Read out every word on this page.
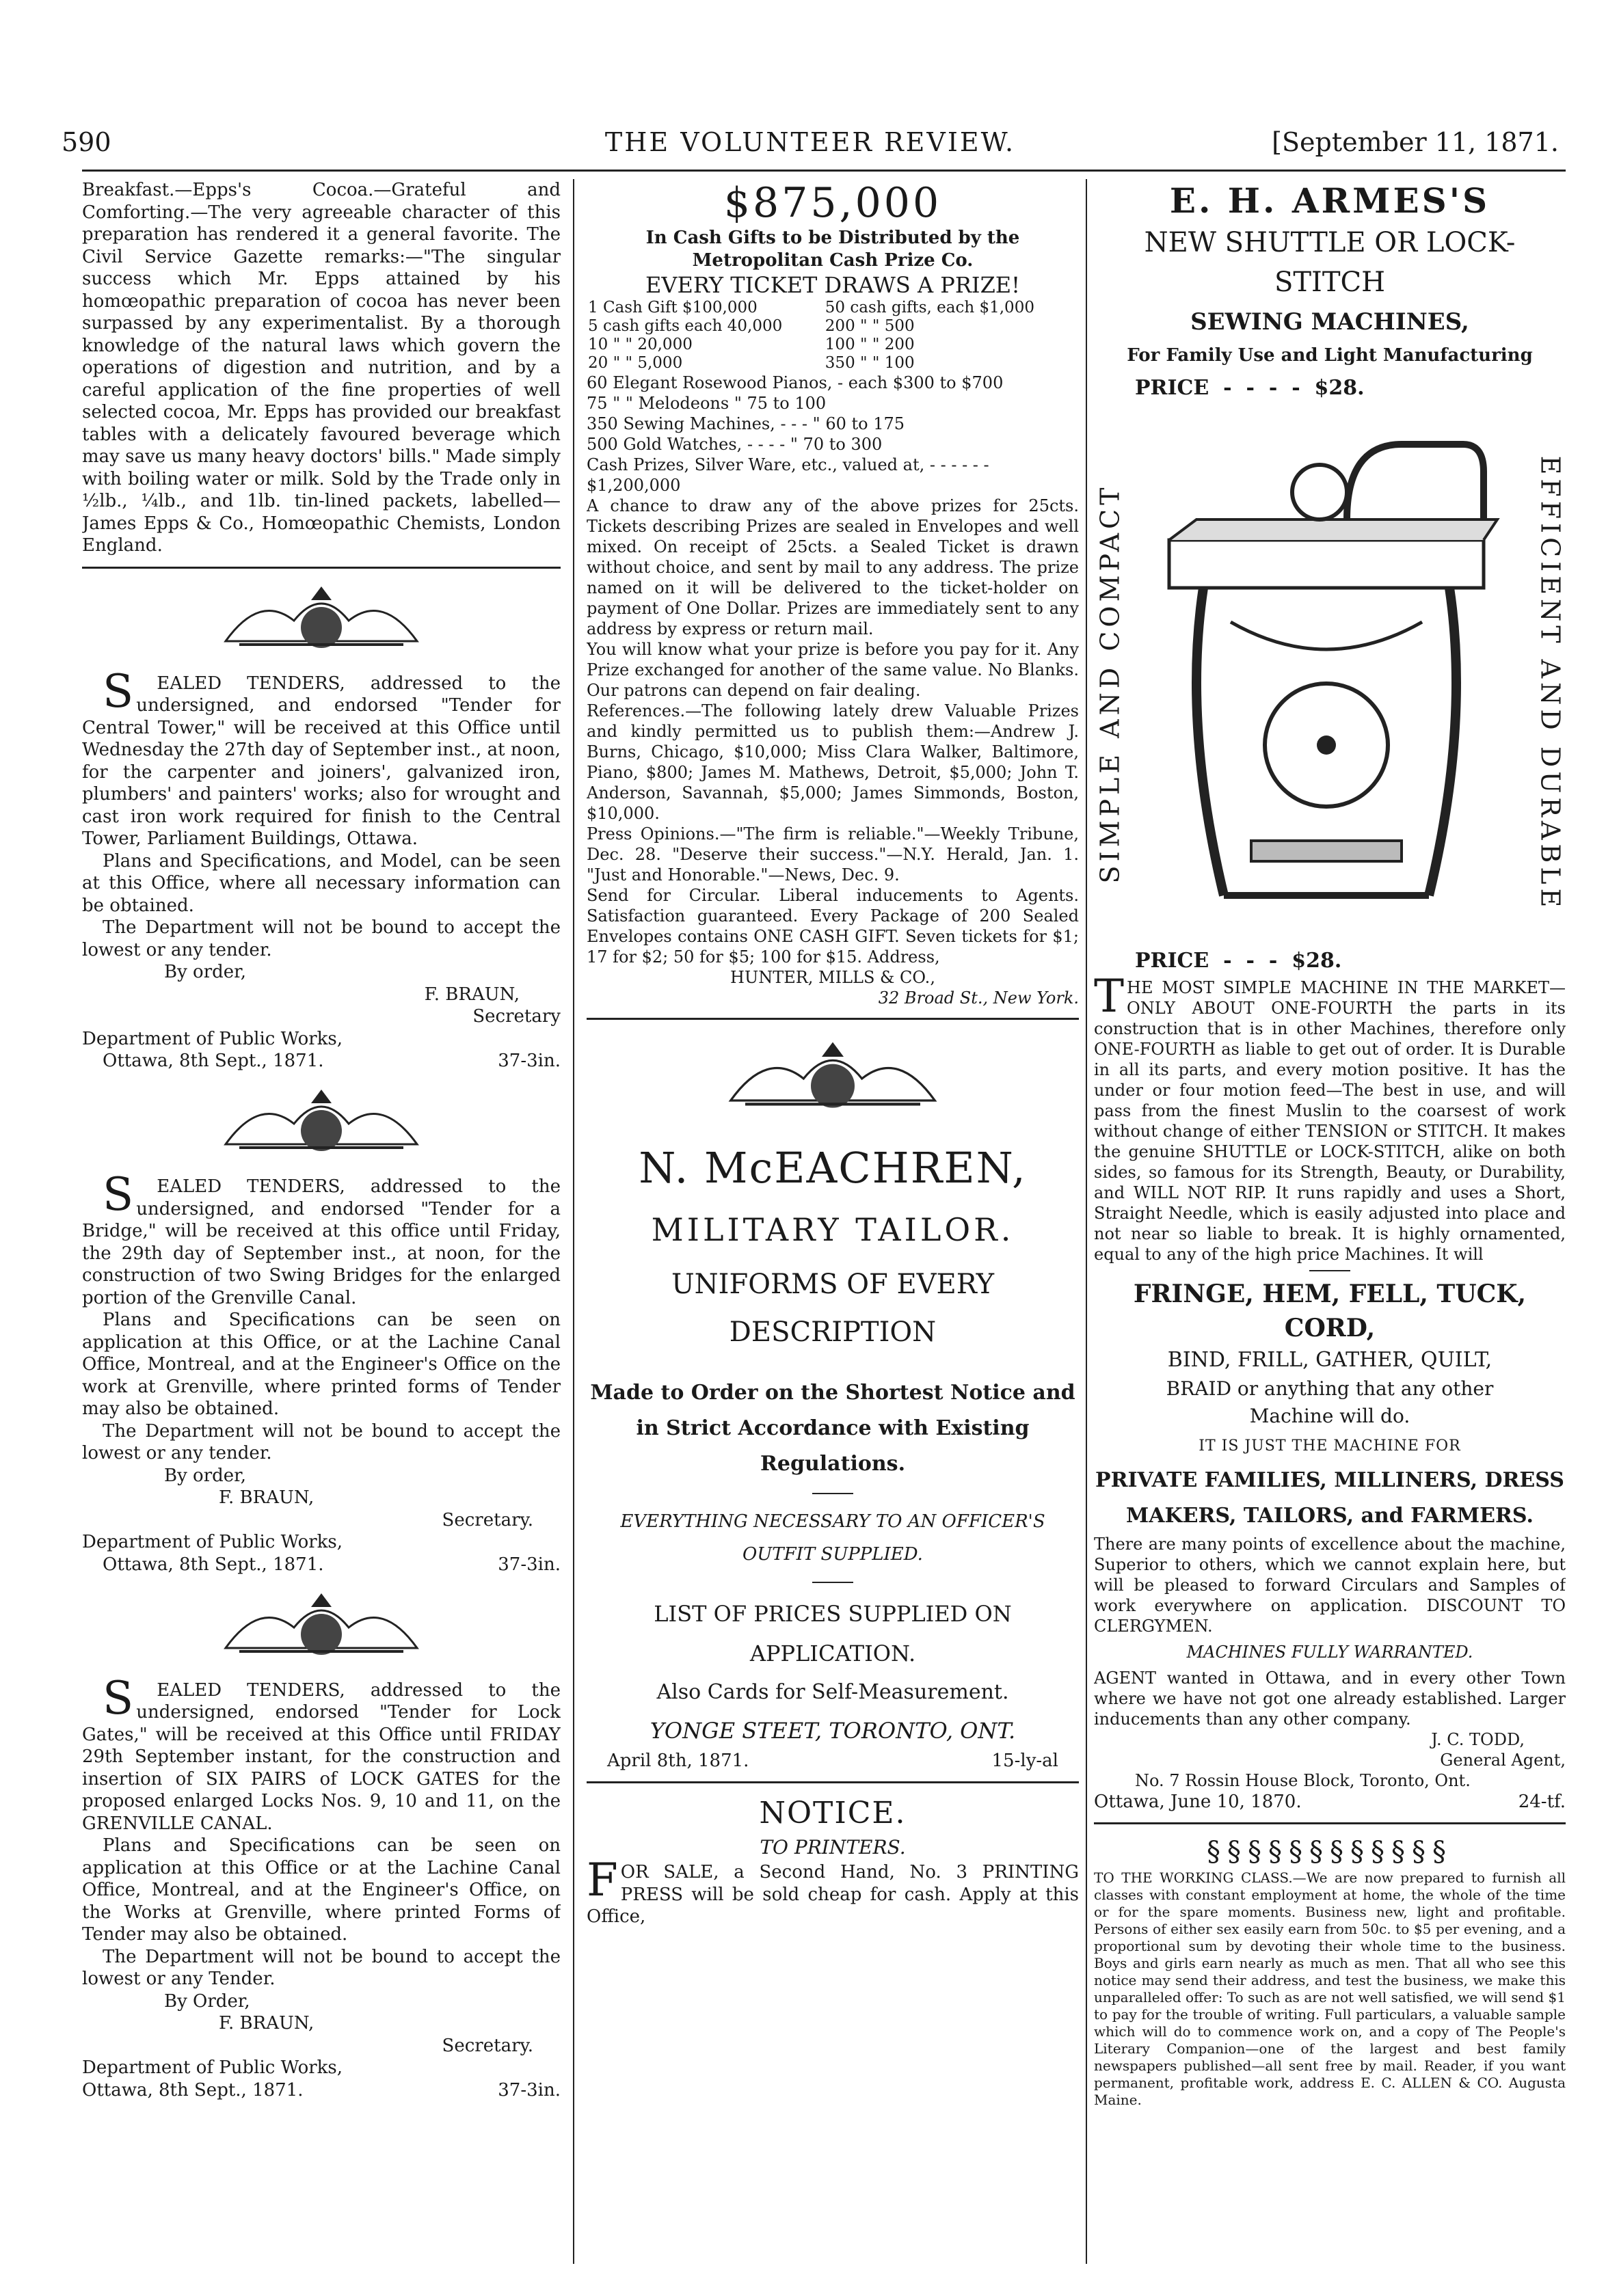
590	THE VOLUNTEER REVIEW.	[September 11, 1871.

Breakfast.—Epps's Cocoa.—Grateful and Comforting.—The very agreeable character of this preparation has rendered it a general favorite. The Civil Service Gazette remarks:—"The singular success which Mr. Epps attained by his homœopathic preparation of cocoa has never been surpassed by any experimentalist. By a thorough knowledge of the natural laws which govern the operations of digestion and nutrition, and by a careful application of the fine properties of well selected cocoa, Mr. Epps has provided our breakfast tables with a delicately favoured beverage which may save us many heavy doctors' bills." Made simply with boiling water or milk. Sold by the Trade only in ½lb., ¼lb., and 1lb. tin-lined packets, labelled—James Epps & Co., Homœopathic Chemists, London England.

SEALED TENDERS, addressed to the undersigned, and endorsed "Tender for Central Tower," will be received at this Office until Wednesday the 27th day of September inst., at noon, for the carpenter and joiners', galvanized iron, plumbers' and painters' works; also for wrought and cast iron work required for finish to the Central Tower, Parliament Buildings, Ottawa.

Plans and Specifications, and Model, can be seen at this Office, where all necessary information can be obtained.

The Department will not be bound to accept the lowest or any tender.

By order,

F. BRAUN,

Secretary

Department of Public Works,

Ottawa, 8th Sept., 1871.	37-3in.

SEALED TENDERS, addressed to the undersigned, and endorsed "Tender for a Bridge," will be received at this office until Friday, the 29th day of September inst., at noon, for the construction of two Swing Bridges for the enlarged portion of the Grenville Canal.

Plans and Specifications can be seen on application at this Office, or at the Lachine Canal Office, Montreal, and at the Engineer's Office on the work at Grenville, where printed forms of Tender may also be obtained.

The Department will not be bound to accept the lowest or any tender.

By order,

F. BRAUN,

Secretary.

Department of Public Works,

Ottawa, 8th Sept., 1871.	37-3in.

SEALED TENDERS, addressed to the undersigned, endorsed "Tender for Lock Gates," will be received at this Office until FRIDAY 29th September instant, for the construction and insertion of SIX PAIRS of LOCK GATES for the proposed enlarged Locks Nos. 9, 10 and 11, on the GRENVILLE CANAL.

Plans and Specifications can be seen on application at this Office or at the Lachine Canal Office, Montreal, and at the Engineer's Office, on the Works at Grenville, where printed Forms of Tender may also be obtained.

The Department will not be bound to accept the lowest or any Tender.

By Order,

F. BRAUN,

Secretary.

Department of Public Works,

Ottawa, 8th Sept., 1871.	37-3in.
$875,000

In Cash Gifts to be Distributed by the Metropolitan Cash Prize Co.

EVERY TICKET DRAWS A PRIZE!

1 Cash Gift $100,000	50 cash gifts, each $1,000
5 cash gifts each 40,000	200 " " 500
10 " " 20,000	100 " " 200
20 " " 5,000	350 " " 100

60 Elegant Rosewood Pianos, - each $300 to $700

75 " " Melodeons " 75 to 100

350 Sewing Machines, - - - " 60 to 175

500 Gold Watches, - - - - " 70 to 300

Cash Prizes, Silver Ware, etc., valued at, - - - - - - $1,200,000

A chance to draw any of the above prizes for 25cts. Tickets describing Prizes are sealed in Envelopes and well mixed. On receipt of 25cts. a Sealed Ticket is drawn without choice, and sent by mail to any address. The prize named on it will be delivered to the ticket-holder on payment of One Dollar. Prizes are immediately sent to any address by express or return mail.

You will know what your prize is before you pay for it. Any Prize exchanged for another of the same value. No Blanks. Our patrons can depend on fair dealing.

References.—The following lately drew Valuable Prizes and kindly permitted us to publish them:—Andrew J. Burns, Chicago, $10,000; Miss Clara Walker, Baltimore, Piano, $800; James M. Mathews, Detroit, $5,000; John T. Anderson, Savannah, $5,000; James Simmonds, Boston, $10,000.

Press Opinions.—"The firm is reliable."—Weekly Tribune, Dec. 28. "Deserve their success."—N.Y. Herald, Jan. 1. "Just and Honorable."—News, Dec. 9.

Send for Circular. Liberal inducements to Agents. Satisfaction guaranteed. Every Package of 200 Sealed Envelopes contains ONE CASH GIFT. Seven tickets for $1; 17 for $2; 50 for $5; 100 for $15. Address,

HUNTER, MILLS & CO.,

32 Broad St., New York.

N. McEACHREN,

MILITARY TAILOR.

UNIFORMS OF EVERY DESCRIPTION

Made to Order on the Shortest Notice and in Strict Accordance with Existing Regulations.

EVERYTHING NECESSARY TO AN OFFICER'S OUTFIT SUPPLIED.

LIST OF PRICES SUPPLIED ON APPLICATION.

Also Cards for Self-Measurement.

YONGE STEET, TORONTO, ONT.

April 8th, 1871.	15-ly-al

NOTICE.

TO PRINTERS.

FOR SALE, a Second Hand, No. 3 PRINTING PRESS will be sold cheap for cash. Apply at this Office,

E. H. ARMES'S

NEW SHUTTLE OR LOCK-STITCH

SEWING MACHINES,

For Family Use and Light Manufacturing

PRICE  -  -  -  -  $28.
SIMPLE AND COMPACT	EFFICIENT AND DURABLE
PRICE  -  -  -  $28.

THE MOST SIMPLE MACHINE IN THE MARKET—ONLY ABOUT ONE-FOURTH the parts in its construction that is in other Machines, therefore only ONE-FOURTH as liable to get out of order. It is Durable in all its parts, and every motion positive. It has the under or four motion feed—The best in use, and will pass from the finest Muslin to the coarsest of work without change of either TENSION or STITCH. It makes the genuine SHUTTLE or LOCK-STITCH, alike on both sides, so famous for its Strength, Beauty, or Durability, and WILL NOT RIP. It runs rapidly and uses a Short, Straight Needle, which is easily adjusted into place and not near so liable to break. It is highly ornamented, equal to any of the high price Machines. It will

FRINGE, HEM, FELL, TUCK, CORD,

BIND, FRILL, GATHER, QUILT,

BRAID or anything that any other Machine will do.

IT IS JUST THE MACHINE FOR

PRIVATE FAMILIES, MILLINERS, DRESS MAKERS, TAILORS, and FARMERS.

There are many points of excellence about the machine, Superior to others, which we cannot explain here, but will be pleased to forward Circulars and Samples of work everywhere on application. DISCOUNT TO CLERGYMEN.

MACHINES FULLY WARRANTED.

AGENT wanted in Ottawa, and in every other Town where we have not got one already established. Larger inducements than any other company.

J. C. TODD,

General Agent,

No. 7 Rossin House Block, Toronto, Ont.

Ottawa, June 10, 1870.	24-tf.
§§§§§§§§§§§§

TO THE WORKING CLASS.—We are now prepared to furnish all classes with constant employment at home, the whole of the time or for the spare moments. Business new, light and profitable. Persons of either sex easily earn from 50c. to $5 per evening, and a proportional sum by devoting their whole time to the business. Boys and girls earn nearly as much as men. That all who see this notice may send their address, and test the business, we make this unparalleled offer: To such as are not well satisfied, we will send $1 to pay for the trouble of writing. Full particulars, a valuable sample which will do to commence work on, and a copy of The People's Literary Companion—one of the largest and best family newspapers published—all sent free by mail. Reader, if you want permanent, profitable work, address E. C. ALLEN & CO. Augusta Maine.
